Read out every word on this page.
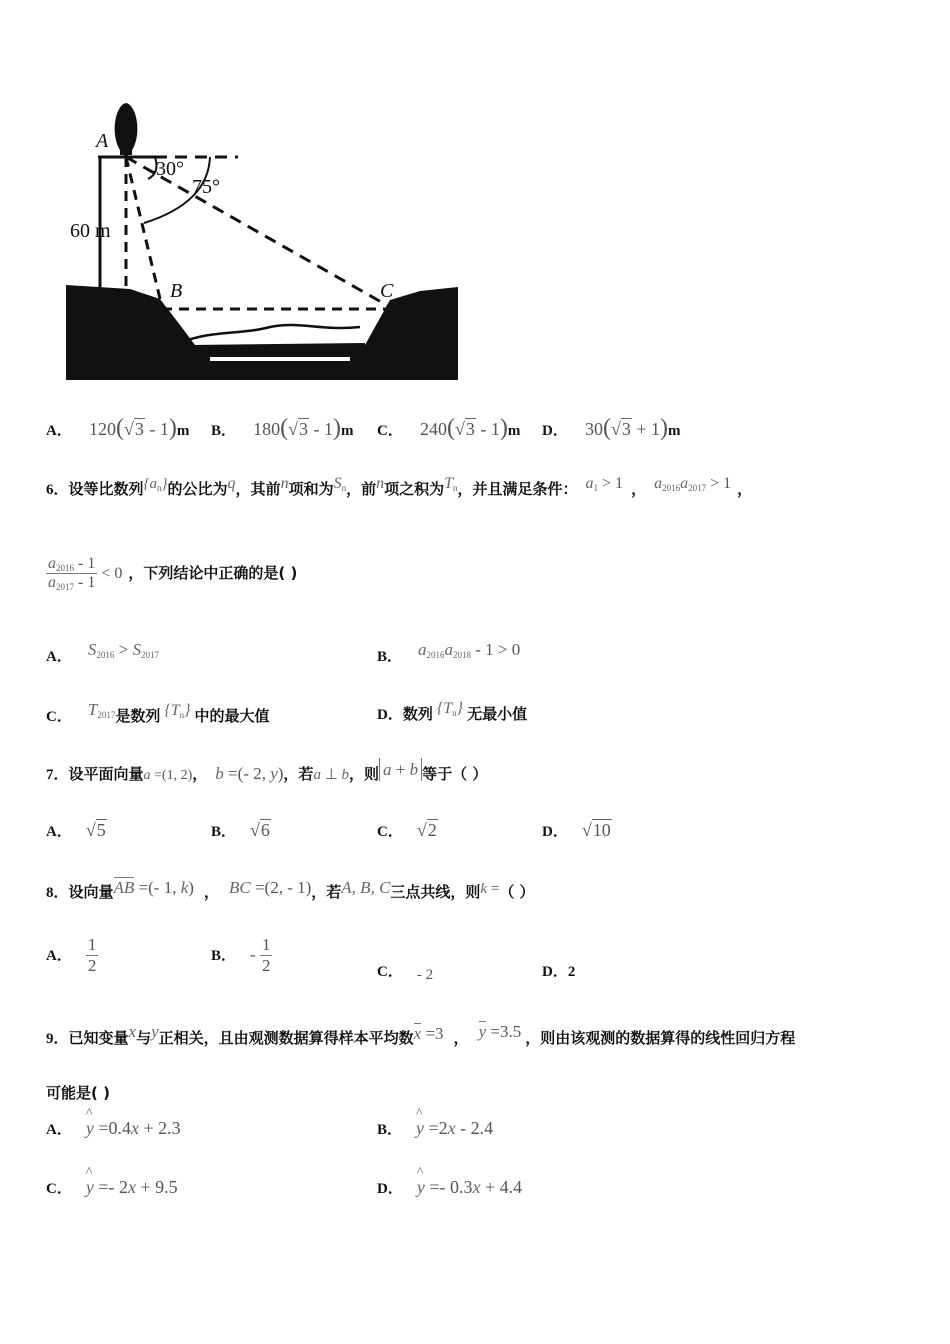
A
B	C
30°
75°
60 m
A． 120(√3 - 1)m B． 180(√3 - 1)m C． 240(√3 - 1)m D． 30(√3 + 1)m
6．设等比数列$\{a_n\}$的公比为q，其前n项和为$S_n$，前n项之积为$T_n$，并且满足条件： $a_1 > 1$ ， $a_{2016}a_{2017} > 1$ ，
$\frac{a_{2016} - 1}{a_{2017} - 1} < 0$ ，下列结论中正确的是( )
A． $S_{2016} > S_{2017}$	B． $a_{2016}a_{2018} - 1 > 0$
C． $T_{2017}$是数列 $\{T_n\}$ 中的最大值	D．数列 $\{T_n\}$ 无最小值
7．设平面向量a =(1, 2)， b =(- 2, y)，若a ⊥ b，则 a + b 等于（ ）
A． √5	B． √6	C． √2	D． √10
8．设向量AB =(- 1, k) ， BC =(2, - 1)，若A, B, C三点共线，则k =（ ）
A． $\frac{1}{2}$	B． - $\frac{1}{2}$	C． - 2	D．2
9．已知变量x与y正相关，且由观测数据算得样本平均数x =3 ， y =3.5 ，则由该观测的数据算得的线性回归方程
可能是( )
A． ^ y =0.4x + 2.3	B． ^ y =2x - 2.4
C． ^ y =- 2x + 9.5	D． ^ y =- 0.3x + 4.4
